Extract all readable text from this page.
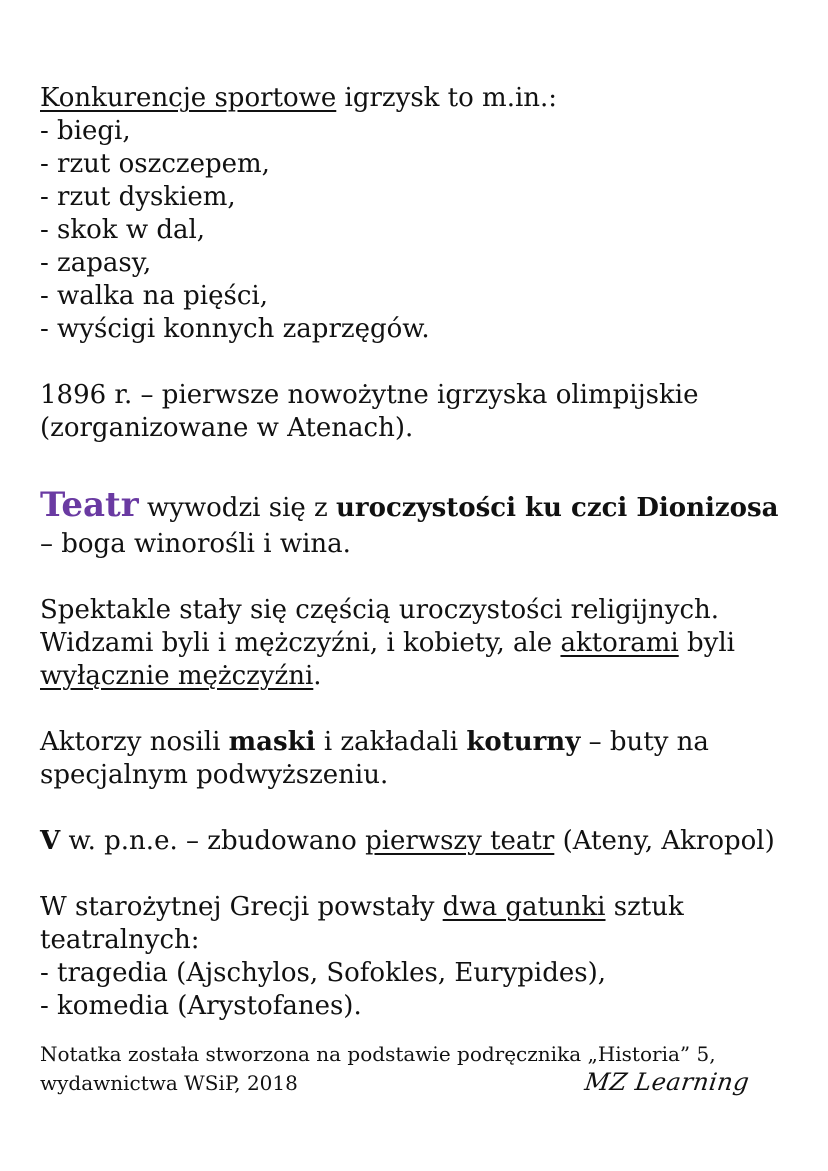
Konkurencje sportowe igrzysk to m.in.:
- biegi,
- rzut oszczepem,
- rzut dyskiem,
- skok w dal,
- zapasy,
- walka na pięści,
- wyścigi konnych zaprzęgów.
1896 r. – pierwsze nowożytne igrzyska olimpijskie
(zorganizowane w Atenach).
Teatr wywodzi się z uroczystości ku czci Dionizosa
– boga winorośli i wina.
Spektakle stały się częścią uroczystości religijnych.
Widzami byli i mężczyźni, i kobiety, ale aktorami byli
wyłącznie mężczyźni.
Aktorzy nosili maski i zakładali koturny – buty na
specjalnym podwyższeniu.
V w. p.n.e. – zbudowano pierwszy teatr (Ateny, Akropol)
W starożytnej Grecji powstały dwa gatunki sztuk
teatralnych:
- tragedia (Ajschylos, Sofokles, Eurypides),
- komedia (Arystofanes).
Notatka została stworzona na podstawie podręcznika „Historia” 5,
wydawnictwa WSiP, 2018	MZ Learning
